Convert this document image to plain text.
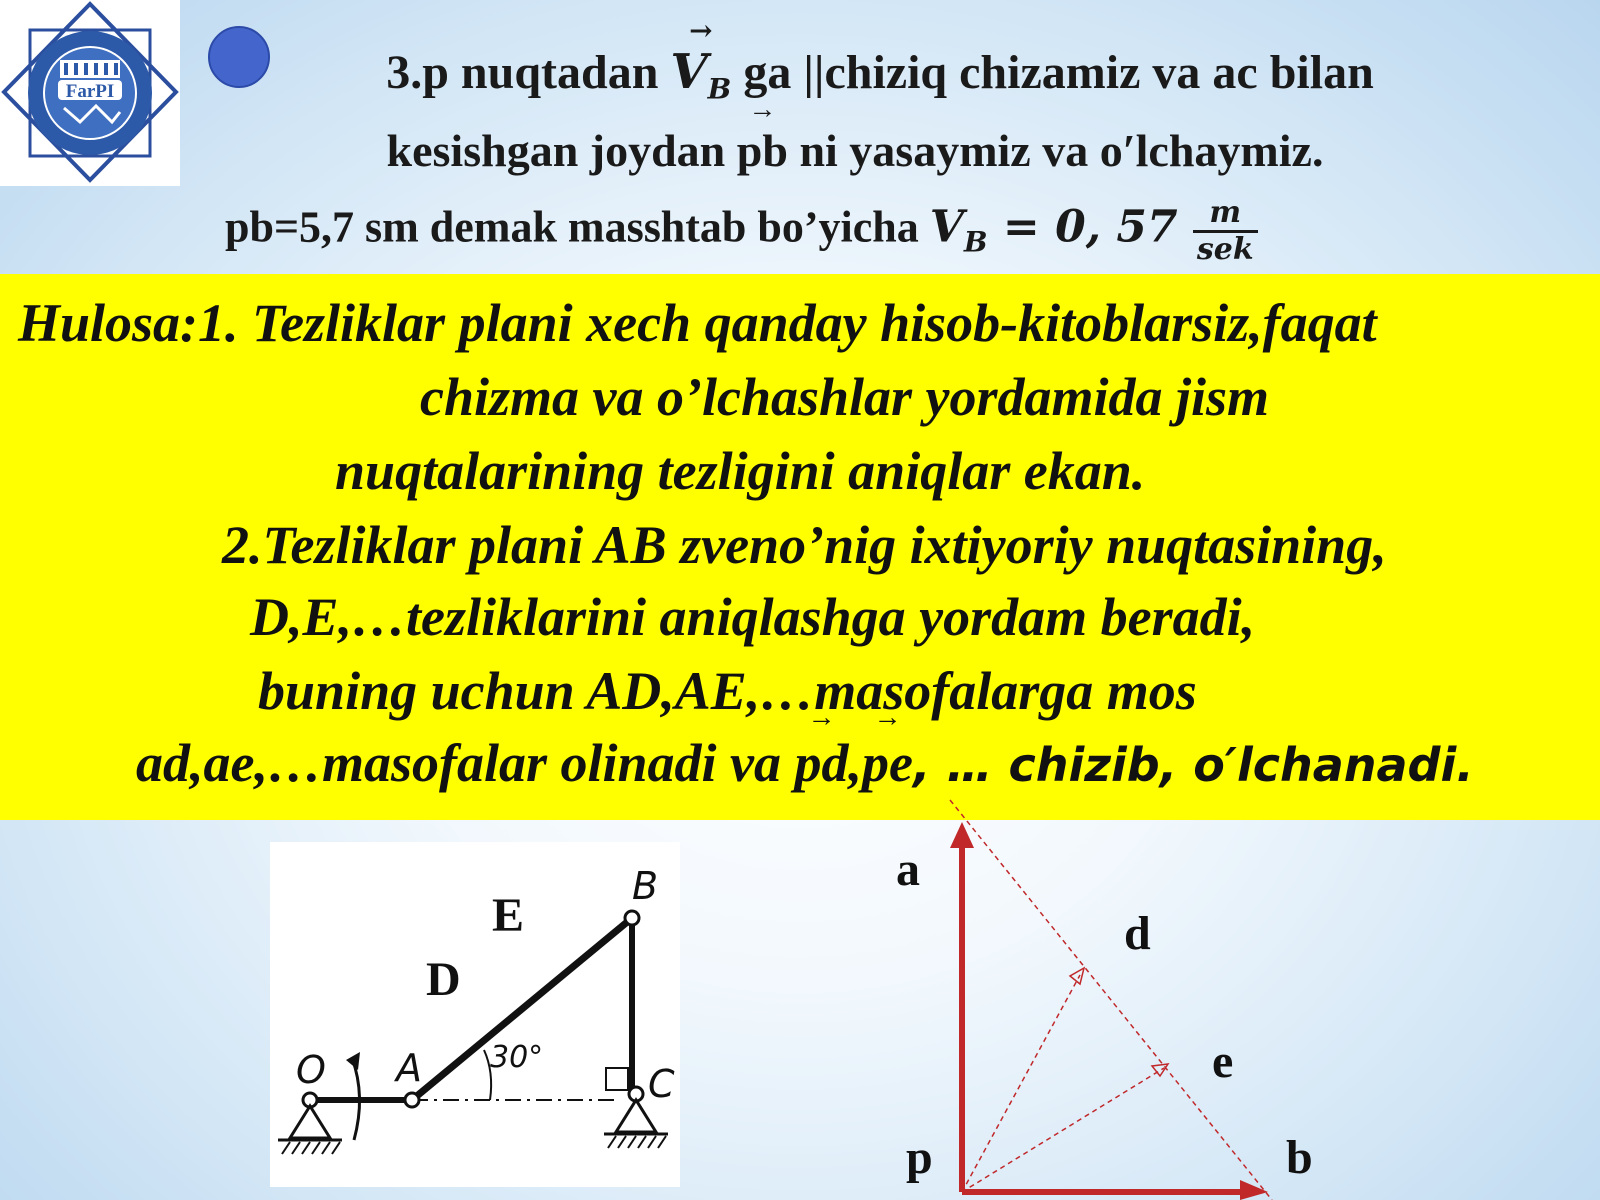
FarPI	3.p nuqtadan → $V_B$ ga ||chiziq chizamiz va ac bilan
kesishgan joydan → pb ni yasaymiz va o′lchaymiz.
pb=5,7 sm demak masshtab bo’yicha $V_B = 0$, $57 \frac{m}{\text{sek}}$
Hulosa:1. Tezliklar plani xech qanday hisob-kitoblarsiz,faqat
chizma va o’lchashlar yordamida jism
nuqtalarining tezligini aniqlar ekan.
2.Tezliklar plani AB zveno’nig ixtiyoriy nuqtasining,
D,E,…tezliklarini aniqlashga yordam beradi,
buning uchun AD,AE,…masofalarga mos
ad,ae,…masofalar olinadi va → pd,→ pe, … chizib, o′lchanadi.
O A
B
C
30°
D
E
a
d
e
p	b
